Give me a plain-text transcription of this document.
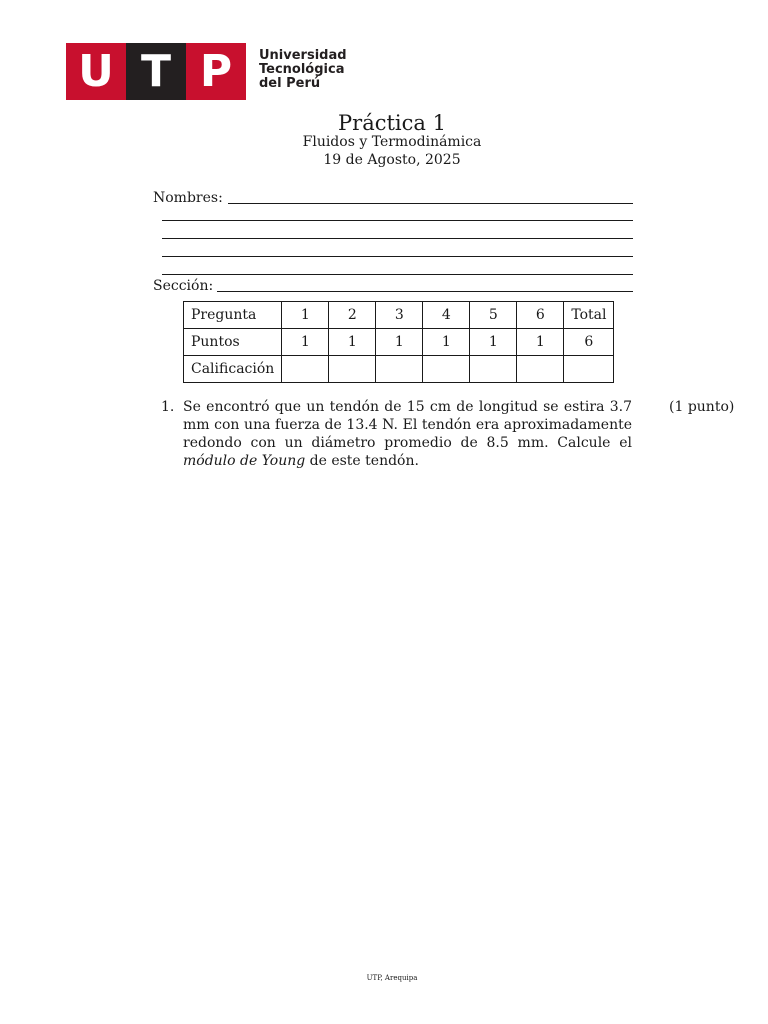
U T P	Universidad
Tecnológica
del Perú
Práctica 1
Fluidos y Termodinámica
19 de Agosto, 2025
Nombres:
Sección:
Pregunta	1	2	3	4	5	6	Total
Puntos	1	1	1	1	1	1	6
Calificación							
1. Se encontró que un tendón de 15 cm de longitud se estira 3.7 mm con una fuerza de 13.4 N. El tendón era aproximadamente redondo con un diámetro promedio de 8.5 mm. Calcule el módulo de Young de este tendón.
(1 punto)
UTP, Arequipa
